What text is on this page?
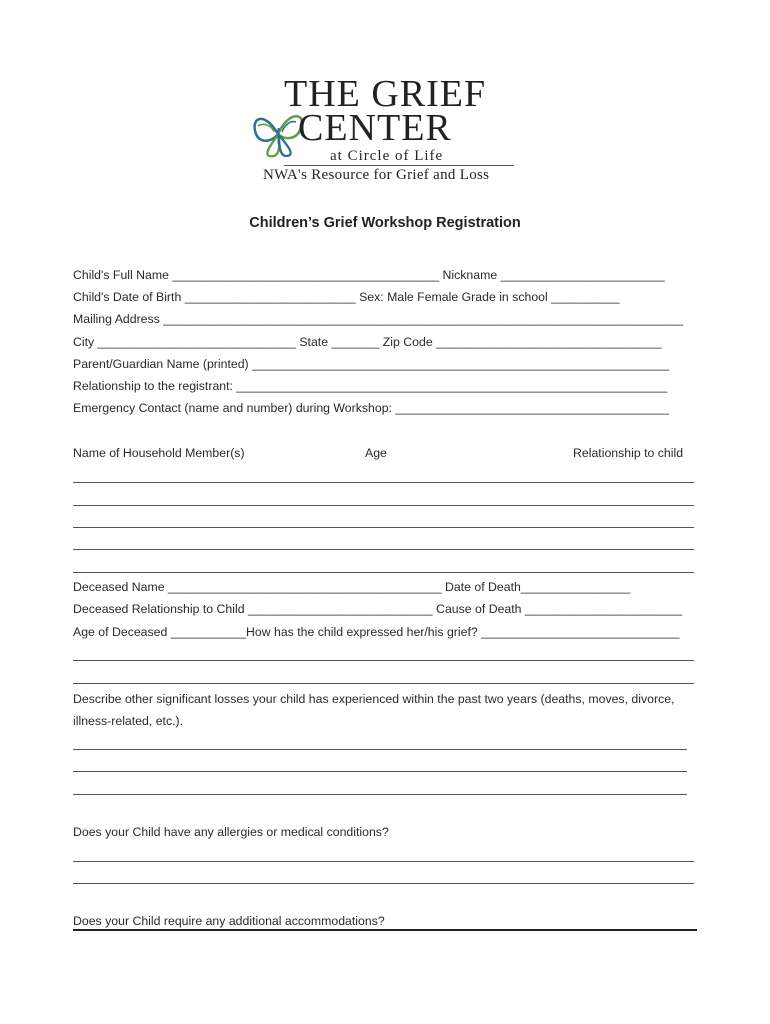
THE GRIEF
CENTER
at Circle of Life
NWA's Resource for Grief and Loss
Children’s Grief Workshop Registration
Child's Full Name _______________________________________ Nickname ________________________
Child's Date of Birth _________________________ Sex: Male Female Grade in school __________
Mailing Address ____________________________________________________________________________
City _____________________________ State _______ Zip Code _________________________________
Parent/Guardian Name (printed) _____________________________________________________________
Relationship to the registrant: _______________________________________________________________
Emergency Contact (name and number) during Workshop: ________________________________________
Name of Household Member(s)	Age	Relationship to child
Deceased Name ________________________________________ Date of Death________________
Deceased Relationship to Child ___________________________ Cause of Death _______________________
Age of Deceased ___________How has the child expressed her/his grief? _____________________________
Describe other significant losses your child has experienced within the past two years (deaths, moves, divorce,
illness-related, etc.).
Does your Child have any allergies or medical conditions?
Does your Child require any additional accommodations?
